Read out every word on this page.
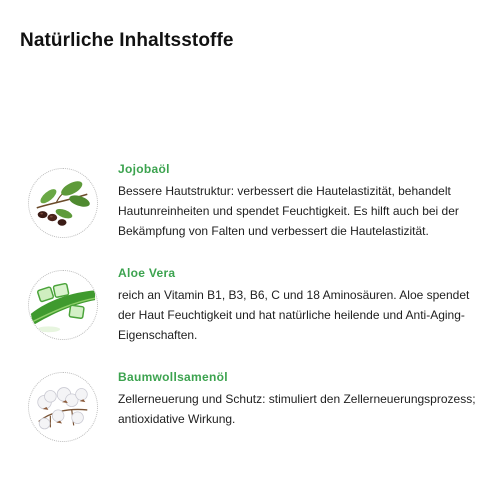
Natürliche Inhaltsstoffe

Jojobaöl

Bessere Hautstruktur: verbessert die Hautelastizität, behandelt Hautunreinheiten und spendet Feuchtigkeit. Es hilft auch bei der Bekämpfung von Falten und verbessert die Hautelastizität.

Aloe Vera

reich an Vitamin B1, B3, B6, C und 18 Aminosäuren. Aloe spendet der Haut Feuchtigkeit und hat natürliche heilende und Anti-Aging-Eigenschaften.

Baumwollsamenöl

Zellerneuerung und Schutz: stimuliert den Zellerneuerungsprozess; antioxidative Wirkung.
